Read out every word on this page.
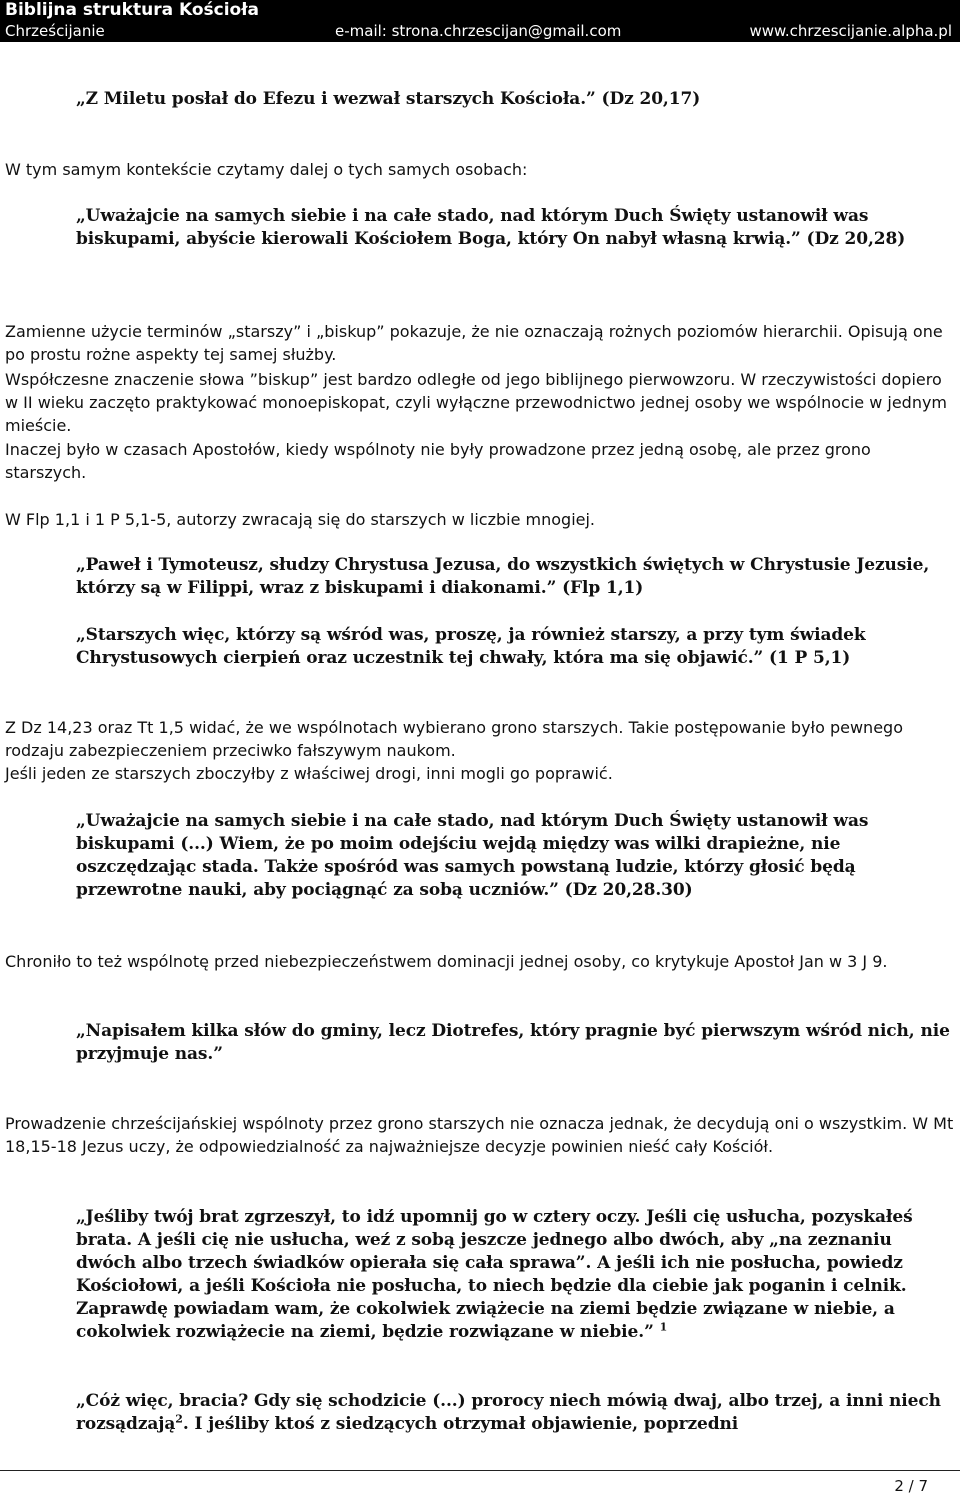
Biblijna struktura Kościoła
Chrześcijanie	e-mail: strona.chrzescijan@gmail.com	www.chrzescijanie.alpha.pl

„Z Miletu posłał do Efezu i wezwał starszych Kościoła.” (Dz 20,17)

W tym samym kontekście czytamy dalej o tych samych osobach:

„Uważajcie na samych siebie i na całe stado, nad którym Duch Święty ustanowił was biskupami, abyście kierowali Kościołem Boga, który On nabył własną krwią.” (Dz 20,28)

Zamienne użycie terminów „starszy” i „biskup” pokazuje, że nie oznaczają rożnych poziomów hierarchii. Opisują one po prostu rożne aspekty tej samej służby.

Współczesne znaczenie słowa ”biskup” jest bardzo odległe od jego biblijnego pierwowzoru. W rzeczywistości dopiero w II wieku zaczęto praktykować monoepiskopat, czyli wyłączne przewodnictwo jednej osoby we wspólnocie w jednym mieście.

Inaczej było w czasach Apostołów, kiedy wspólnoty nie były prowadzone przez jedną osobę, ale przez grono starszych.

W Flp 1,1 i 1 P 5,1-5, autorzy zwracają się do starszych w liczbie mnogiej.

„Paweł i Tymoteusz, słudzy Chrystusa Jezusa, do wszystkich świętych w Chrystusie Jezusie, którzy są w Filippi, wraz z biskupami i diakonami.” (Flp 1,1)

„Starszych więc, którzy są wśród was, proszę, ja również starszy, a przy tym świadek Chrystusowych cierpień oraz uczestnik tej chwały, która ma się objawić.” (1 P 5,1)

Z Dz 14,23 oraz Tt 1,5 widać, że we wspólnotach wybierano grono starszych. Takie postępowanie było pewnego rodzaju zabezpieczeniem przeciwko fałszywym naukom.

Jeśli jeden ze starszych zboczyłby z właściwej drogi, inni mogli go poprawić.

„Uważajcie na samych siebie i na całe stado, nad którym Duch Święty ustanowił was biskupami (...) Wiem, że po moim odejściu wejdą między was wilki drapieżne, nie oszczędzając stada. Także spośród was samych powstaną ludzie, którzy głosić będą przewrotne nauki, aby pociągnąć za sobą uczniów.” (Dz 20,28.30)

Chroniło to też wspólnotę przed niebezpieczeństwem dominacji jednej osoby, co krytykuje Apostoł Jan w 3 J 9.

„Napisałem kilka słów do gminy, lecz Diotrefes, który pragnie być pierwszym wśród nich, nie przyjmuje nas.”

Prowadzenie chrześcijańskiej wspólnoty przez grono starszych nie oznacza jednak, że decydują oni o wszystkim. W Mt 18,15-18 Jezus uczy, że odpowiedzialność za najważniejsze decyzje powinien nieść cały Kościół.

„Jeśliby twój brat zgrzeszył, to idź upomnij go w cztery oczy. Jeśli cię usłucha, pozyskałeś brata. A jeśli cię nie usłucha, weź z sobą jeszcze jednego albo dwóch, aby „na zeznaniu dwóch albo trzech świadków opierała się cała sprawa”. A jeśli ich nie posłucha, powiedz Kościołowi, a jeśli Kościoła nie posłucha, to niech będzie dla ciebie jak poganin i celnik. Zaprawdę powiadam wam, że cokolwiek zwiążecie na ziemi będzie związane w niebie, a cokolwiek rozwiążecie na ziemi, będzie rozwiązane w niebie.” $^1$

„Cóż więc, bracia? Gdy się schodzicie (...) prorocy niech mówią dwaj, albo trzej, a inni niech rozsądzają$^2$. I jeśliby ktoś z siedzących otrzymał objawienie, poprzedni

2 / 7
